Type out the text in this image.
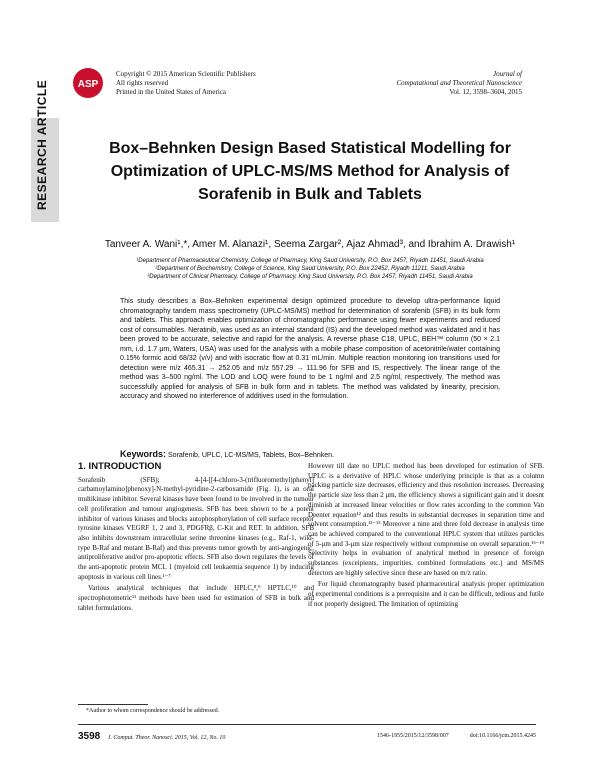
RESEARCH ARTICLE	ASP
Copyright © 2015 American Scientific Publishers
All rights reserved
Printed in the United States of America
Journal of
Computational and Theoretical Nanoscience
Vol. 12, 3598–3604, 2015
Box–Behnken Design Based Statistical Modelling for Optimization of UPLC-MS/MS Method for Analysis of Sorafenib in Bulk and Tablets
Tanveer A. Wani¹,*, Amer M. Alanazi¹, Seema Zargar², Ajaz Ahmad³, and Ibrahim A. Drawish¹
¹Department of Pharmaceutical Chemistry, College of Pharmacy, King Saud University, P.O. Box 2457, Riyadh 11451, Saudi Arabia
²Department of Biochemistry, College of Science, King Saud University, P.O. Box 22452, Riyadh 11211, Saudi Arabia
³Department of Clinical Pharmacy, College of Pharmacy, King Saud University, P.O. Box 2457, Riyadh 11451, Saudi Arabia
This study describes a Box–Behnken experimental design optimized procedure to develop ultra-performance liquid chromatography tandem mass spectrometry (UPLC-MS/MS) method for determination of sorafenib (SFB) in its bulk form and tablets. This approach enables optimization of chromatographic performance using fewer experiments and reduced cost of consumables. Neratinib, was used as an internal standard (IS) and the developed method was validated and it has been proved to be accurate, selective and rapid for the analysis. A reverse phase C18, UPLC, BEH™ column (50 × 2.1 mm, i.d. 1.7 μm, Waters, USA) was used for the analysis with a mobile phase composition of acetonitrile/water containing 0.15% formic acid 68/32 (v/v) and with isocratic flow at 0.31 mL/min. Multiple reaction monitoring ion transitions used for detection were m/z 465.31 → 252.05 and m/z 557.29 → 111.96 for SFB and IS, respectively. The linear range of the method was 3–500 ng/ml. The LOD and LOQ were found to be 1 ng/ml and 2.5 ng/ml, respectively. The method was successfully applied for analysis of SFB in bulk form and in tablets. The method was validated by linearity, precision, accuracy and showed no interference of additives used in the formulation.
Keywords: Sorafenib, UPLC, LC-MS/MS, Tablets, Box–Behnken.
1. INTRODUCTION

Sorafenib (SFB); 4-[4-[[4-chloro-3-(trifluoromethyl)phenyl] carbamoylamino]phenoxy]-N-methyl-pyridine-2-carboxamide (Fig. 1), is an oral multikinase inhibitor. Several kinases have been found to be involved in the tumour cell proliferation and tumour angiogenesis. SFB has been shown to be a potent inhibitor of various kinases and blocks autophosphorylation of cell surface receptor tyrosine kinases VEGRF 1, 2 and 3, PDGFRβ, C-Kit and RET. In addition, SFB also inhibits downstream intracellular serine threonine kinases (e.g., Raf-1, wild-type B-Raf and mutant B-Raf) and thus prevents tumor growth by anti-angiogenic, antiproliferative and/or pro-apoptotic effects. SFB also down regulates the levels of the anti-apoptotic protein MCL 1 (myeloid cell leukaemia sequence 1) by inducing apoptosis in various cell lines.¹⁻⁷

Various analytical techniques that include HPLC,⁸,⁹ HPTLC,¹⁰ and spectrophotometric¹¹ methods have been used for estimation of SFB in bulk and tablet formulations.

However till date no UPLC method has been developed for estimation of SFB. UPLC is a derivative of HPLC whose underlying principle is that as a column packing particle size decreases, efficiency and thus resolution increases. Decreasing the particle size less than 2 μm, the efficiency shows a significant gain and it doesnt diminish at increased linear velocities or flow rates according to the common Van Deenter equation¹² and thus results in substantial decreases in separation time and solvent consumption.¹³⁻¹⁵ Moreover a nine and three fold decrease in analysis time can be achieved compared to the conventional HPLC system that utilizes particles of 5-μm and 3-μm size respectively without compromise on overall separation.¹⁶⁻¹⁹ Selectivity helps in evaluation of analytical method in presence of foreign substances (exceipients, impurities, combined formulations etc.) and MS/MS detectors are highly selective since these are based on m/z ratio.

For liquid chromatography based pharmaceutical analysis proper optimization of experimental conditions is a prerequisite and it can be difficult, tedious and futile if not properly designed. The limitation of optimizing

*Author to whom correspondence should be addressed.
3598 J. Comput. Theor. Nanosci. 2015, Vol. 12, No. 10	1546-1955/2015/12/3598/007	doi:10.1166/jctn.2015.4245
